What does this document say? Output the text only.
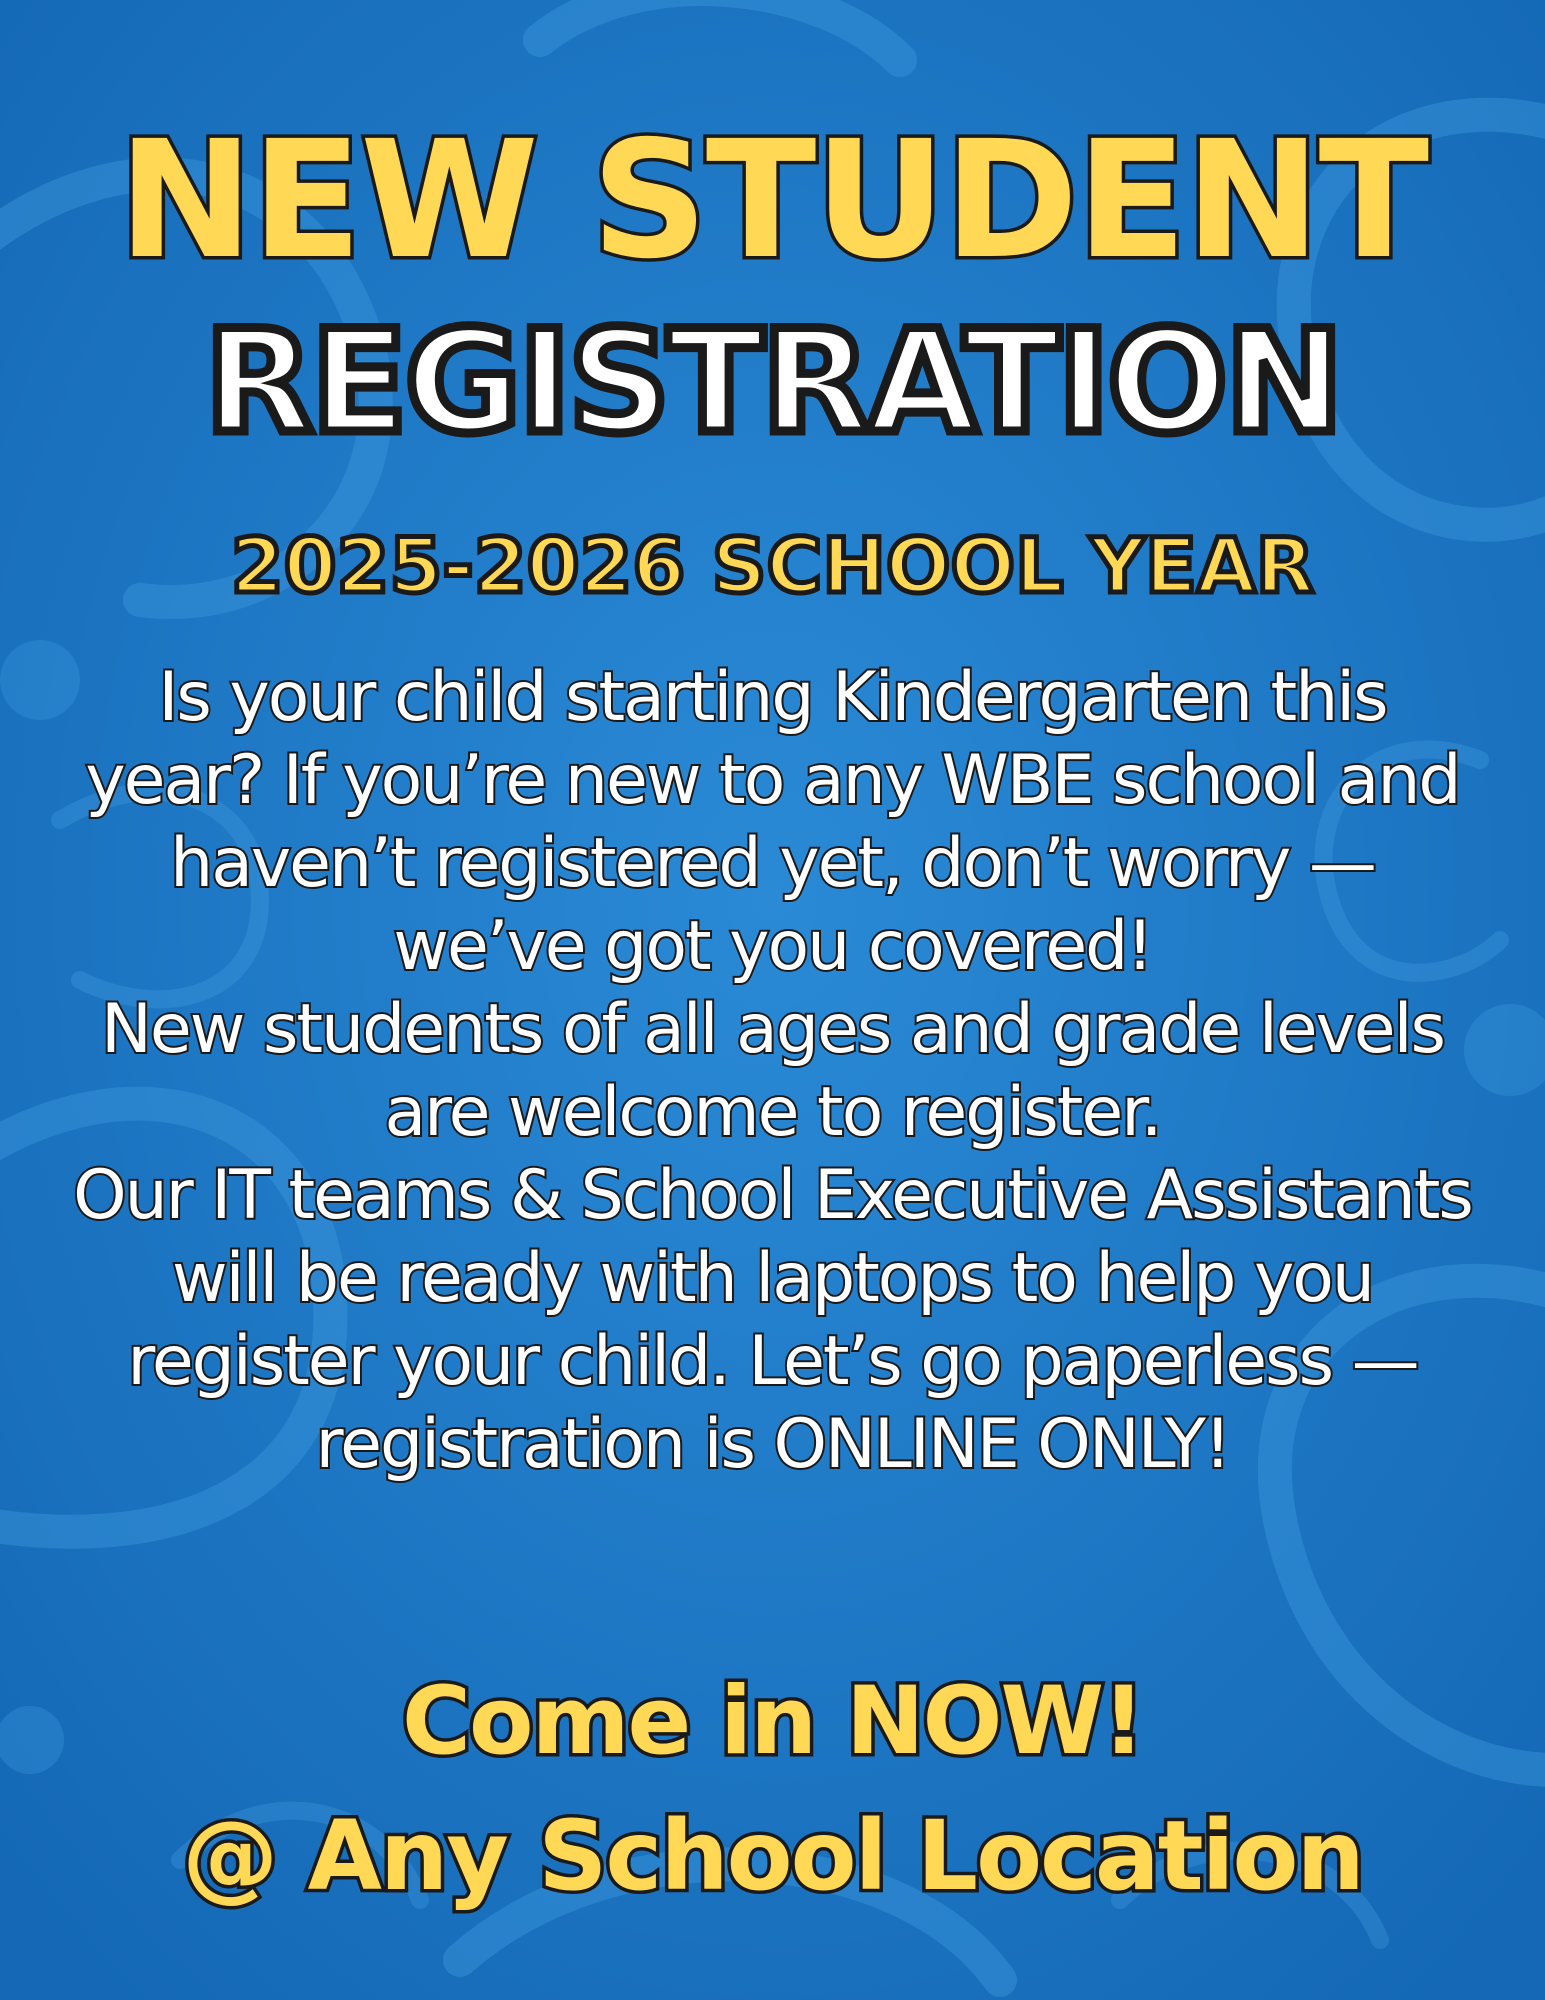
NEW STUDENT
REGISTRATION
2025-2026 SCHOOL YEAR

Is your child starting Kindergarten this year? If you’re new to any WBE school and haven’t registered yet, don’t worry — we’ve got you covered!

New students of all ages and grade levels are welcome to register.

Our IT teams & School Executive Assistants will be ready with laptops to help you register your child. Let’s go paperless — registration is ONLINE ONLY!

Come in NOW!
@ Any School Location
